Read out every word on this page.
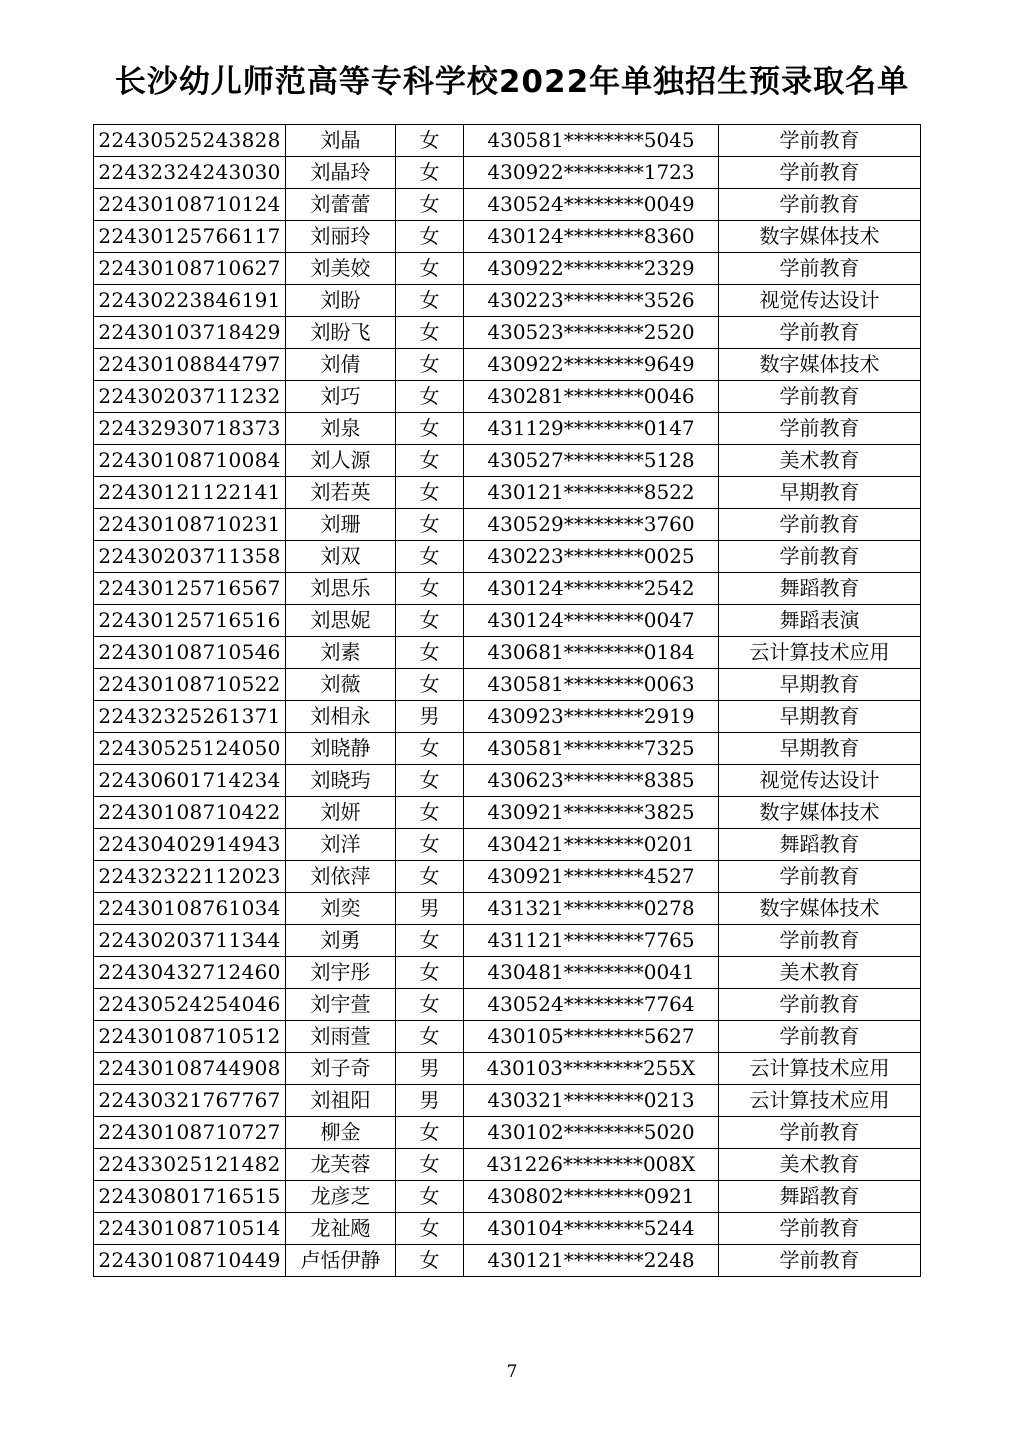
长沙幼儿师范高等专科学校2022年单独招生预录取名单
22430525243828	刘晶	女	430581********5045	学前教育
22432324243030	刘晶玲	女	430922********1723	学前教育
22430108710124	刘蕾蕾	女	430524********0049	学前教育
22430125766117	刘丽玲	女	430124********8360	数字媒体技术
22430108710627	刘美姣	女	430922********2329	学前教育
22430223846191	刘盼	女	430223********3526	视觉传达设计
22430103718429	刘盼飞	女	430523********2520	学前教育
22430108844797	刘倩	女	430922********9649	数字媒体技术
22430203711232	刘巧	女	430281********0046	学前教育
22432930718373	刘泉	女	431129********0147	学前教育
22430108710084	刘人源	女	430527********5128	美术教育
22430121122141	刘若英	女	430121********8522	早期教育
22430108710231	刘珊	女	430529********3760	学前教育
22430203711358	刘双	女	430223********0025	学前教育
22430125716567	刘思乐	女	430124********2542	舞蹈教育
22430125716516	刘思妮	女	430124********0047	舞蹈表演
22430108710546	刘素	女	430681********0184	云计算技术应用
22430108710522	刘薇	女	430581********0063	早期教育
22432325261371	刘相永	男	430923********2919	早期教育
22430525124050	刘晓静	女	430581********7325	早期教育
22430601714234	刘晓玙	女	430623********8385	视觉传达设计
22430108710422	刘妍	女	430921********3825	数字媒体技术
22430402914943	刘洋	女	430421********0201	舞蹈教育
22432322112023	刘依萍	女	430921********4527	学前教育
22430108761034	刘奕	男	431321********0278	数字媒体技术
22430203711344	刘勇	女	431121********7765	学前教育
22430432712460	刘宇彤	女	430481********0041	美术教育
22430524254046	刘宇萱	女	430524********7764	学前教育
22430108710512	刘雨萱	女	430105********5627	学前教育
22430108744908	刘子奇	男	430103********255X	云计算技术应用
22430321767767	刘祖阳	男	430321********0213	云计算技术应用
22430108710727	柳金	女	430102********5020	学前教育
22433025121482	龙芙蓉	女	431226********008X	美术教育
22430801716515	龙彦芝	女	430802********0921	舞蹈教育
22430108710514	龙祉飏	女	430104********5244	学前教育
22430108710449	卢恬伊静	女	430121********2248	学前教育
7
